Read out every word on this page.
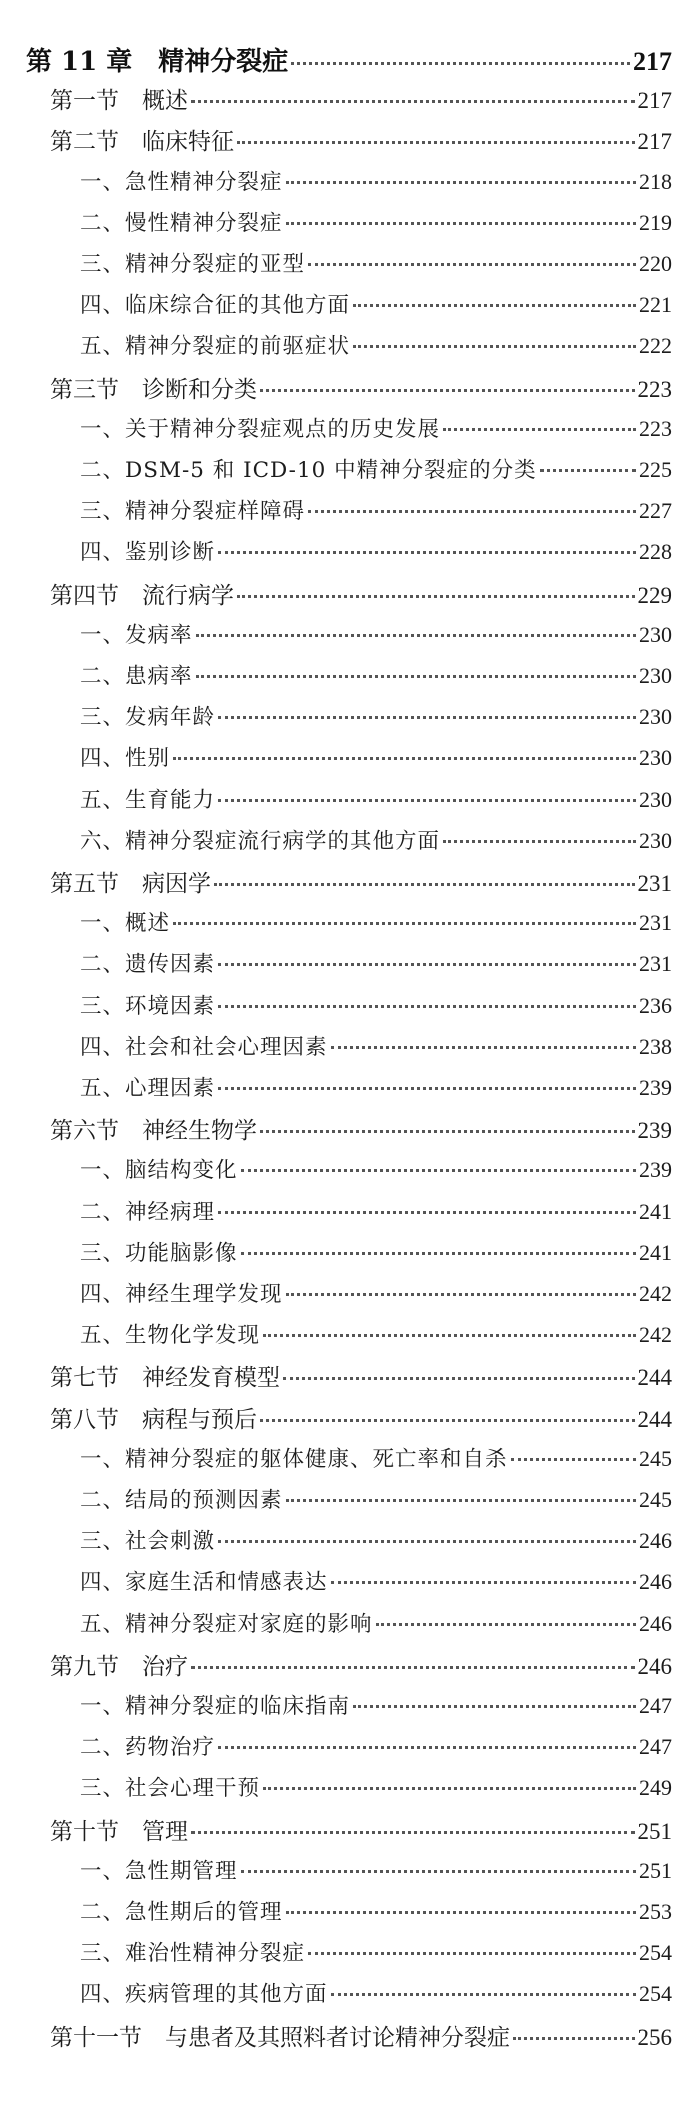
第 11 章　精神分裂症	217
第一节　概述	217
第二节　临床特征	217
一、急性精神分裂症	218
二、慢性精神分裂症	219
三、精神分裂症的亚型	220
四、临床综合征的其他方面	221
五、精神分裂症的前驱症状	222
第三节　诊断和分类	223
一、关于精神分裂症观点的历史发展	223
二、DSM-5 和 ICD-10 中精神分裂症的分类	225
三、精神分裂症样障碍	227
四、鉴别诊断	228
第四节　流行病学	229
一、发病率	230
二、患病率	230
三、发病年龄	230
四、性别	230
五、生育能力	230
六、精神分裂症流行病学的其他方面	230
第五节　病因学	231
一、概述	231
二、遗传因素	231
三、环境因素	236
四、社会和社会心理因素	238
五、心理因素	239
第六节　神经生物学	239
一、脑结构变化	239
二、神经病理	241
三、功能脑影像	241
四、神经生理学发现	242
五、生物化学发现	242
第七节　神经发育模型	244
第八节　病程与预后	244
一、精神分裂症的躯体健康、死亡率和自杀	245
二、结局的预测因素	245
三、社会刺激	246
四、家庭生活和情感表达	246
五、精神分裂症对家庭的影响	246
第九节　治疗	246
一、精神分裂症的临床指南	247
二、药物治疗	247
三、社会心理干预	249
第十节　管理	251
一、急性期管理	251
二、急性期后的管理	253
三、难治性精神分裂症	254
四、疾病管理的其他方面	254
第十一节　与患者及其照料者讨论精神分裂症	256
